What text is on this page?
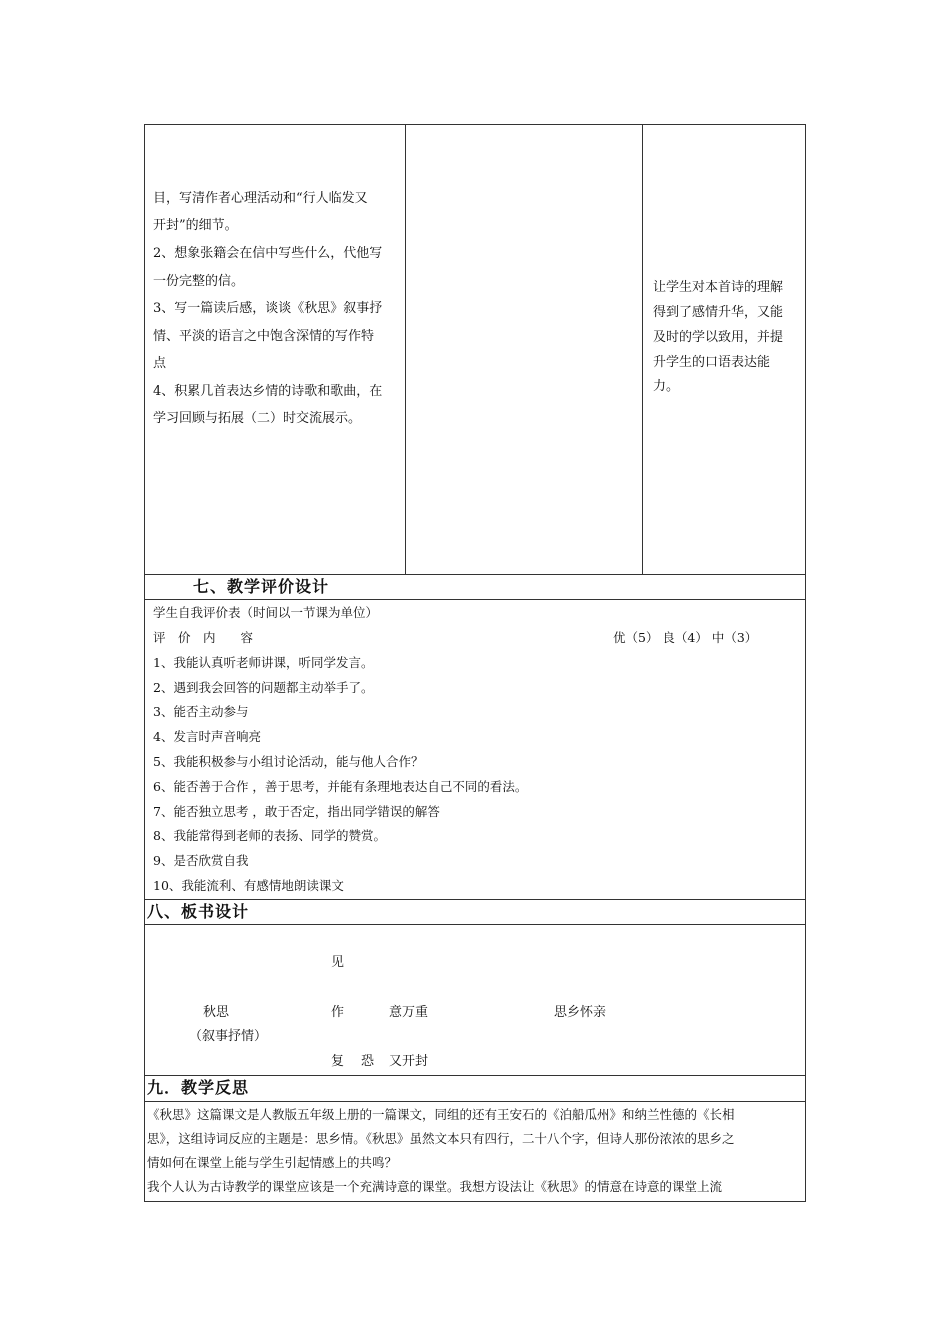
目，写清作者心理活动和“行人临发又
开封”的细节。
2、想象张籍会在信中写些什么，代他写
一份完整的信。
3、写一篇读后感，谈谈《秋思》叙事抒
情、平淡的语言之中饱含深情的写作特
点
4、积累几首表达乡情的诗歌和歌曲，在
学习回顾与拓展（二）时交流展示。
让学生对本首诗的理解
得到了感情升华，又能
及时的学以致用，并提
升学生的口语表达能
力。
七、教学评价设计
学生自我评价表（时间以一节课为单位）
评　价　内　　容	优（5） 良（4） 中（3）
1、我能认真听老师讲课，听同学发言。
2、遇到我会回答的问题都主动举手了。
3、能否主动参与
4、发言时声音响亮
5、我能积极参与小组讨论活动，能与他人合作？
6、能否善于合作 ，善于思考，并能有条理地表达自己不同的看法。
7、能否独立思考 ，敢于否定，指出同学错误的解答
8、我能常得到老师的表扬、同学的赞赏。
9、是否欣赏自我
10、我能流利、有感情地朗读课文
八、板书设计
见
秋思	作	意万重	思乡怀亲
（叙事抒情）
复 恐 又开封
九．教学反思
《秋思》这篇课文是人教版五年级上册的一篇课文，同组的还有王安石的《泊船瓜州》和纳兰性德的《长相
思》，这组诗词反应的主题是：思乡情。《秋思》虽然文本只有四行，二十八个字，但诗人那份浓浓的思乡之
情如何在课堂上能与学生引起情感上的共鸣？
我个人认为古诗教学的课堂应该是一个充满诗意的课堂。我想方设法让《秋思》的情意在诗意的课堂上流
